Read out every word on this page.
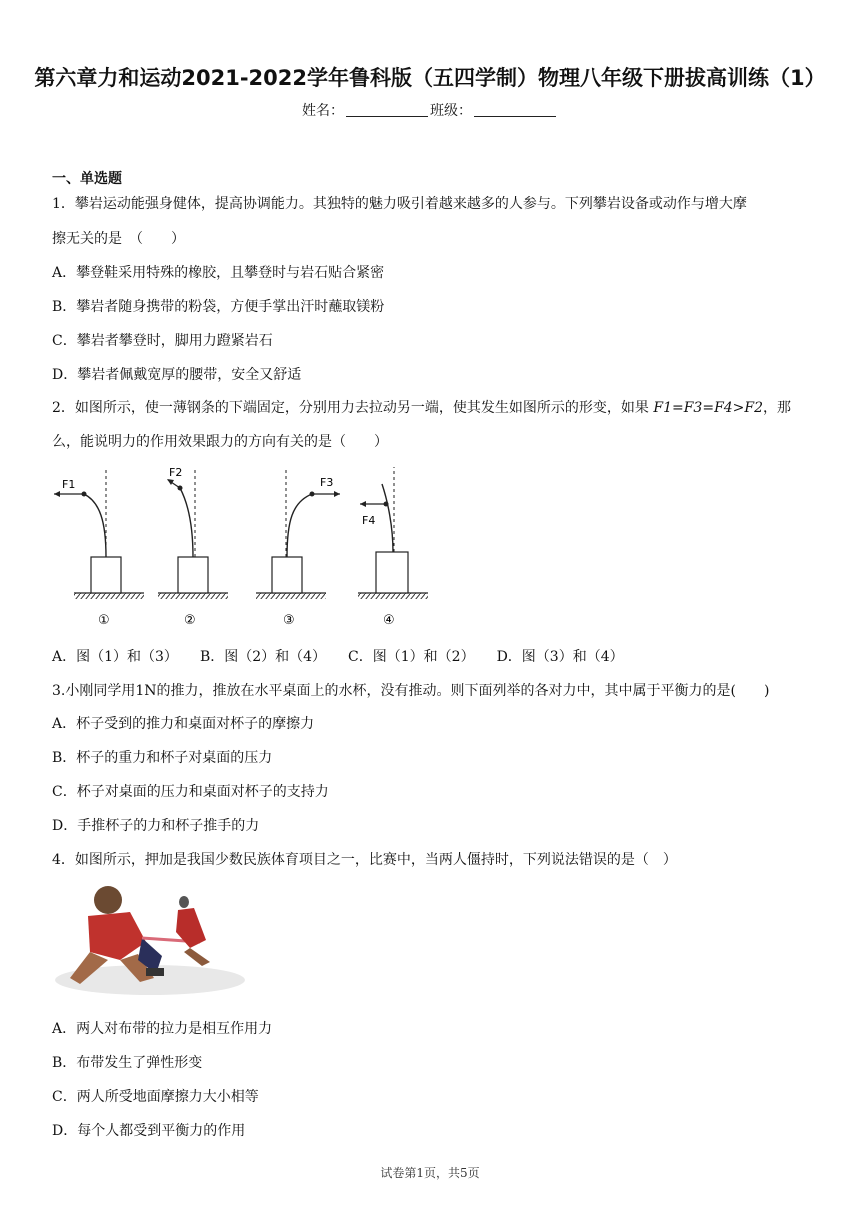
第六章力和运动2021-2022学年鲁科版（五四学制）物理八年级下册拔高训练（1）
姓名：	班级：
一、单选题
1．攀岩运动能强身健体，提高协调能力。其独特的魅力吸引着越来越多的人参与。下列攀岩设备或动作与增大摩
擦无关的是　（　　）
A．攀登鞋采用特殊的橡胶，且攀登时与岩石贴合紧密
B．攀岩者随身携带的粉袋，方便手掌出汗时蘸取镁粉
C．攀岩者攀登时，脚用力蹬紧岩石
D．攀岩者佩戴宽厚的腰带，安全又舒适
2．如图所示，使一薄钢条的下端固定，分别用力去拉动另一端，使其发生如图所示的形变，如果 F1=F3=F4>F2，那
么，能说明力的作用效果跟力的方向有关的是（　　）
F1
①
F2
②
F3
③
F4
④
A．图（1）和（3） B．图（2）和（4） C．图（1）和（2） D．图（3）和（4）
3.小刚同学用1N的推力，推放在水平桌面上的水杯，没有推动。则下面列举的各对力中，其中属于平衡力的是(　　)
A．杯子受到的推力和桌面对杯子的摩擦力
B．杯子的重力和杯子对桌面的压力
C．杯子对桌面的压力和桌面对杯子的支持力
D．手推杯子的力和杯子推手的力
4．如图所示，押加是我国少数民族体育项目之一，比赛中，当两人僵持时，下列说法错误的是（　）
A．两人对布带的拉力是相互作用力
B．布带发生了弹性形变
C．两人所受地面摩擦力大小相等
D．每个人都受到平衡力的作用
试卷第1页，共5页
